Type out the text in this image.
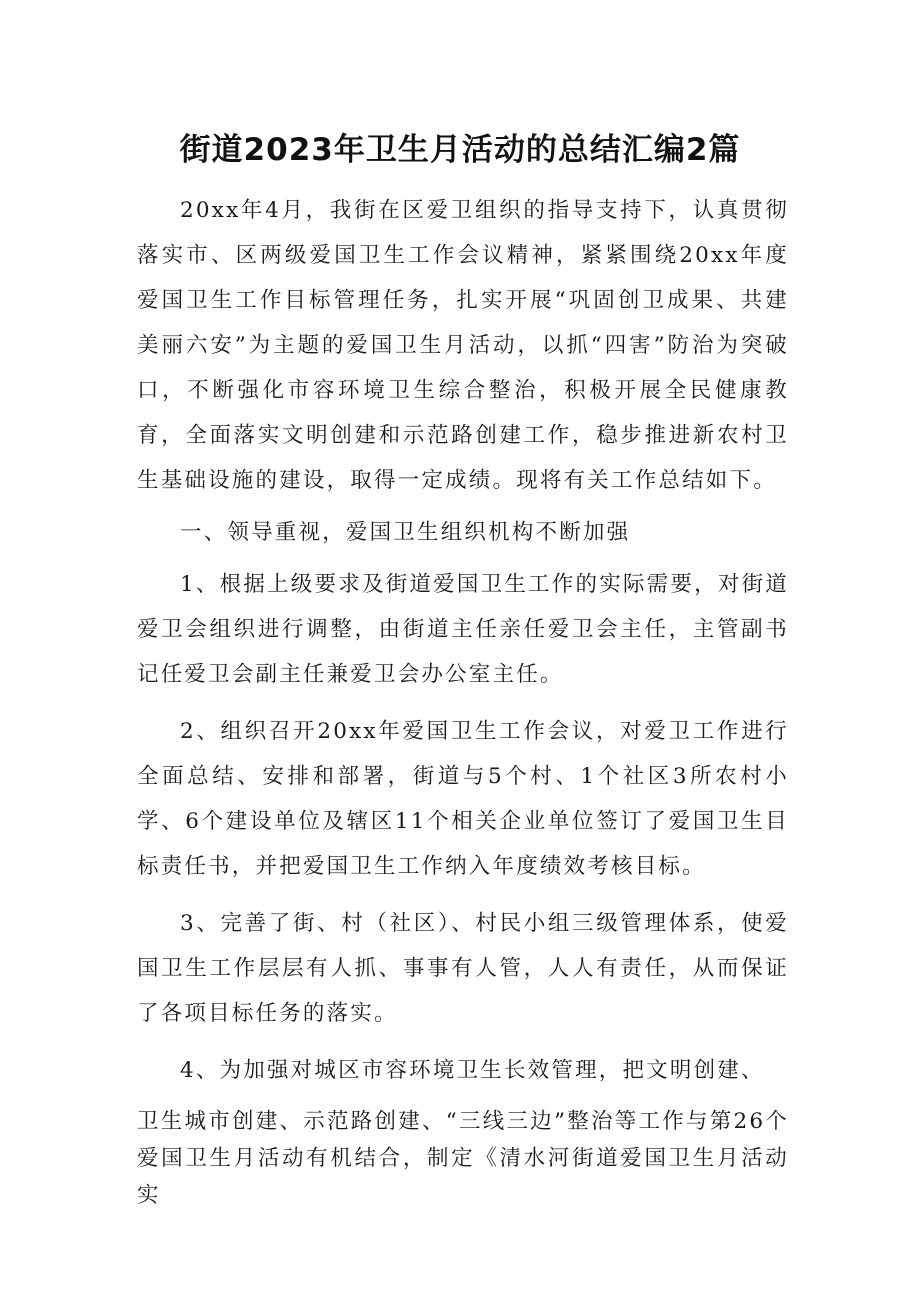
街道2023年卫生月活动的总结汇编2篇

20xx年4月，我街在区爱卫组织的指导支持下，认真贯彻落实市、区两级爱国卫生工作会议精神，紧紧围绕20xx年度爱国卫生工作目标管理任务，扎实开展“巩固创卫成果、共建美丽六安”为主题的爱国卫生月活动，以抓“四害”防治为突破口，不断强化市容环境卫生综合整治，积极开展全民健康教育，全面落实文明创建和示范路创建工作，稳步推进新农村卫生基础设施的建设，取得一定成绩。现将有关工作总结如下。

一、领导重视，爱国卫生组织机构不断加强

1、根据上级要求及街道爱国卫生工作的实际需要，对街道爱卫会组织进行调整，由街道主任亲任爱卫会主任，主管副书记任爱卫会副主任兼爱卫会办公室主任。

2、组织召开20xx年爱国卫生工作会议，对爱卫工作进行全面总结、安排和部署，街道与5个村、1个社区3所农村小学、6个建设单位及辖区11个相关企业单位签订了爱国卫生目标责任书，并把爱国卫生工作纳入年度绩效考核目标。

3、完善了街、村（社区）、村民小组三级管理体系，使爱国卫生工作层层有人抓、事事有人管，人人有责任，从而保证了各项目标任务的落实。

4、为加强对城区市容环境卫生长效管理，把文明创建、

卫生城市创建、示范路创建、“三线三边”整治等工作与第26个爱国卫生月活动有机结合，制定《清水河街道爱国卫生月活动实
